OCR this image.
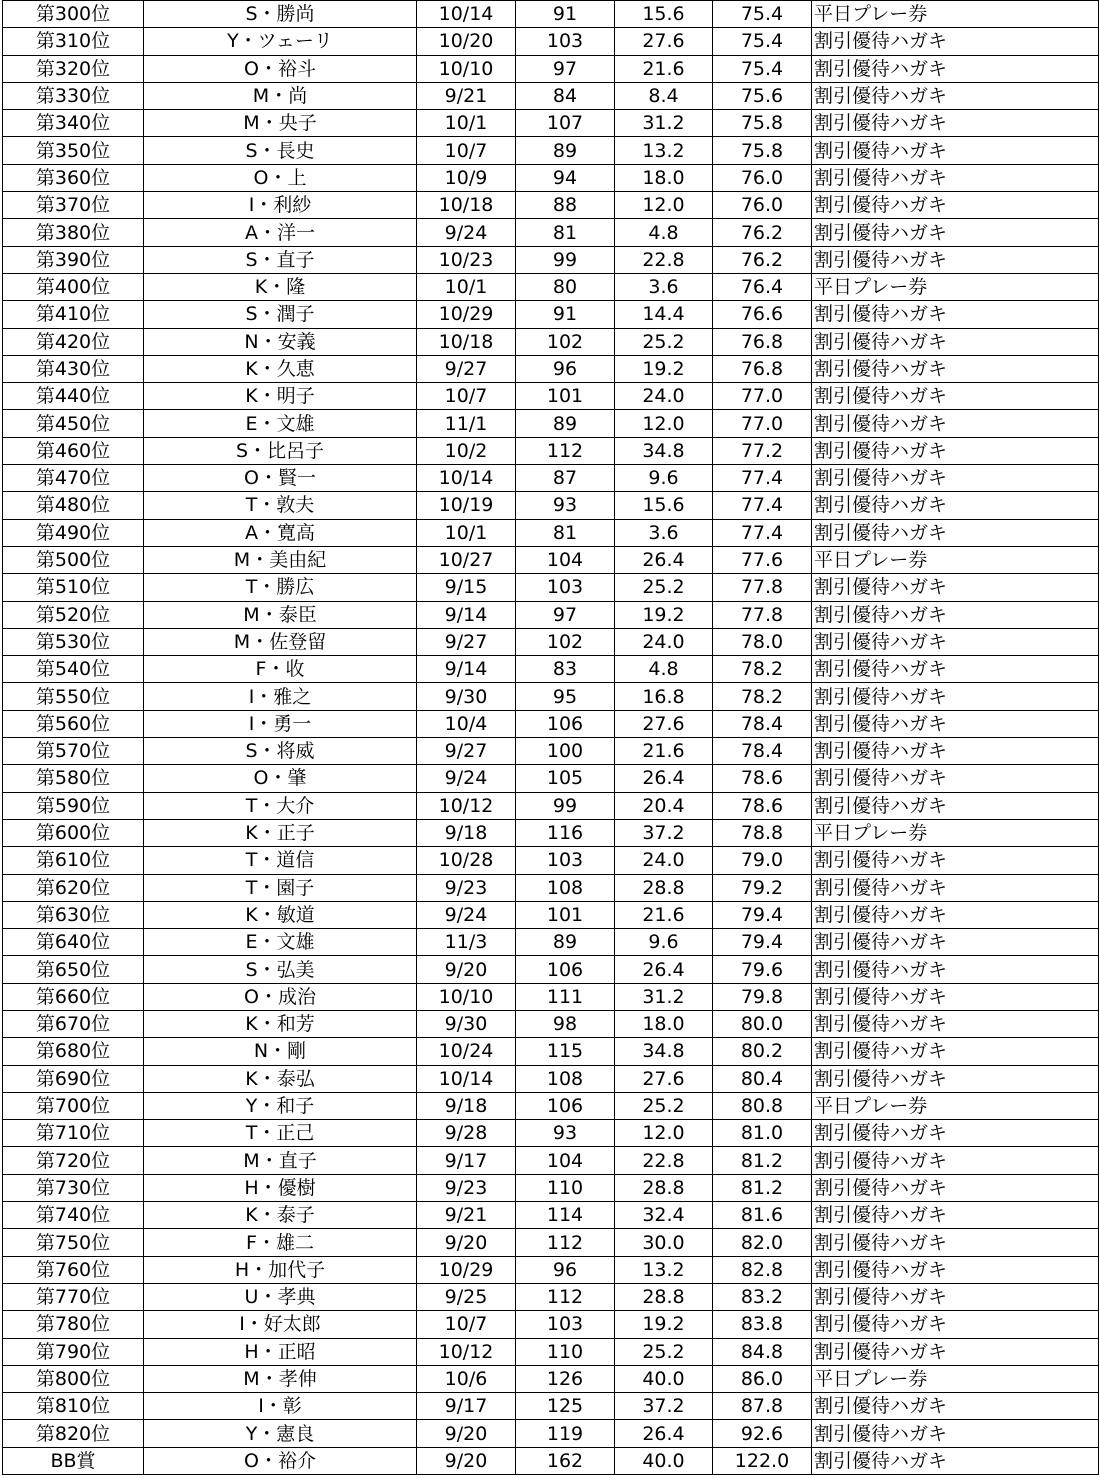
第300位	S・勝尚	10/14	91	15.6	75.4	平日プレー券
第310位	Y・ツェーリ	10/20	103	27.6	75.4	割引優待ハガキ
第320位	O・裕斗	10/10	97	21.6	75.4	割引優待ハガキ
第330位	M・尚	9/21	84	8.4	75.6	割引優待ハガキ
第340位	M・央子	10/1	107	31.2	75.8	割引優待ハガキ
第350位	S・長史	10/7	89	13.2	75.8	割引優待ハガキ
第360位	O・上	10/9	94	18.0	76.0	割引優待ハガキ
第370位	I・利紗	10/18	88	12.0	76.0	割引優待ハガキ
第380位	A・洋一	9/24	81	4.8	76.2	割引優待ハガキ
第390位	S・直子	10/23	99	22.8	76.2	割引優待ハガキ
第400位	K・隆	10/1	80	3.6	76.4	平日プレー券
第410位	S・潤子	10/29	91	14.4	76.6	割引優待ハガキ
第420位	N・安義	10/18	102	25.2	76.8	割引優待ハガキ
第430位	K・久恵	9/27	96	19.2	76.8	割引優待ハガキ
第440位	K・明子	10/7	101	24.0	77.0	割引優待ハガキ
第450位	E・文雄	11/1	89	12.0	77.0	割引優待ハガキ
第460位	S・比呂子	10/2	112	34.8	77.2	割引優待ハガキ
第470位	O・賢一	10/14	87	9.6	77.4	割引優待ハガキ
第480位	T・敦夫	10/19	93	15.6	77.4	割引優待ハガキ
第490位	A・寛高	10/1	81	3.6	77.4	割引優待ハガキ
第500位	M・美由紀	10/27	104	26.4	77.6	平日プレー券
第510位	T・勝広	9/15	103	25.2	77.8	割引優待ハガキ
第520位	M・泰臣	9/14	97	19.2	77.8	割引優待ハガキ
第530位	M・佐登留	9/27	102	24.0	78.0	割引優待ハガキ
第540位	F・收	9/14	83	4.8	78.2	割引優待ハガキ
第550位	I・雅之	9/30	95	16.8	78.2	割引優待ハガキ
第560位	I・勇一	10/4	106	27.6	78.4	割引優待ハガキ
第570位	S・将威	9/27	100	21.6	78.4	割引優待ハガキ
第580位	O・肇	9/24	105	26.4	78.6	割引優待ハガキ
第590位	T・大介	10/12	99	20.4	78.6	割引優待ハガキ
第600位	K・正子	9/18	116	37.2	78.8	平日プレー券
第610位	T・道信	10/28	103	24.0	79.0	割引優待ハガキ
第620位	T・園子	9/23	108	28.8	79.2	割引優待ハガキ
第630位	K・敏道	9/24	101	21.6	79.4	割引優待ハガキ
第640位	E・文雄	11/3	89	9.6	79.4	割引優待ハガキ
第650位	S・弘美	9/20	106	26.4	79.6	割引優待ハガキ
第660位	O・成治	10/10	111	31.2	79.8	割引優待ハガキ
第670位	K・和芳	9/30	98	18.0	80.0	割引優待ハガキ
第680位	N・剛	10/24	115	34.8	80.2	割引優待ハガキ
第690位	K・泰弘	10/14	108	27.6	80.4	割引優待ハガキ
第700位	Y・和子	9/18	106	25.2	80.8	平日プレー券
第710位	T・正己	9/28	93	12.0	81.0	割引優待ハガキ
第720位	M・直子	9/17	104	22.8	81.2	割引優待ハガキ
第730位	H・優樹	9/23	110	28.8	81.2	割引優待ハガキ
第740位	K・泰子	9/21	114	32.4	81.6	割引優待ハガキ
第750位	F・雄二	9/20	112	30.0	82.0	割引優待ハガキ
第760位	H・加代子	10/29	96	13.2	82.8	割引優待ハガキ
第770位	U・孝典	9/25	112	28.8	83.2	割引優待ハガキ
第780位	I・好太郎	10/7	103	19.2	83.8	割引優待ハガキ
第790位	H・正昭	10/12	110	25.2	84.8	割引優待ハガキ
第800位	M・孝伸	10/6	126	40.0	86.0	平日プレー券
第810位	I・彰	9/17	125	37.2	87.8	割引優待ハガキ
第820位	Y・憲良	9/20	119	26.4	92.6	割引優待ハガキ
BB賞	O・裕介	9/20	162	40.0	122.0	割引優待ハガキ
